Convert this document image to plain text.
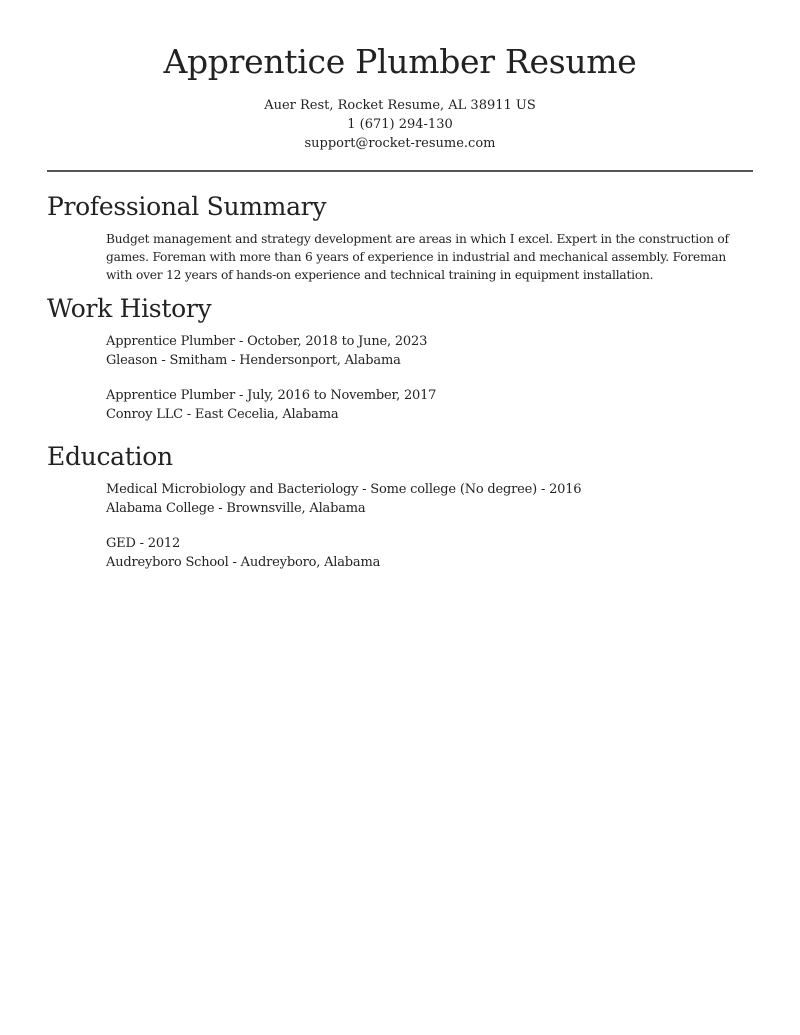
Apprentice Plumber Resume
Auer Rest, Rocket Resume, AL 38911 US
1 (671) 294-130
support@rocket-resume.com
Professional Summary
Budget management and strategy development are areas in which I excel. Expert in the construction of games. Foreman with more than 6 years of experience in industrial and mechanical assembly. Foreman with over 12 years of hands-on experience and technical training in equipment installation.
Work History
Apprentice Plumber - October, 2018 to June, 2023
Gleason - Smitham - Hendersonport, Alabama
Apprentice Plumber - July, 2016 to November, 2017
Conroy LLC - East Cecelia, Alabama
Education
Medical Microbiology and Bacteriology - Some college (No degree) - 2016
Alabama College - Brownsville, Alabama
GED - 2012
Audreyboro School - Audreyboro, Alabama
